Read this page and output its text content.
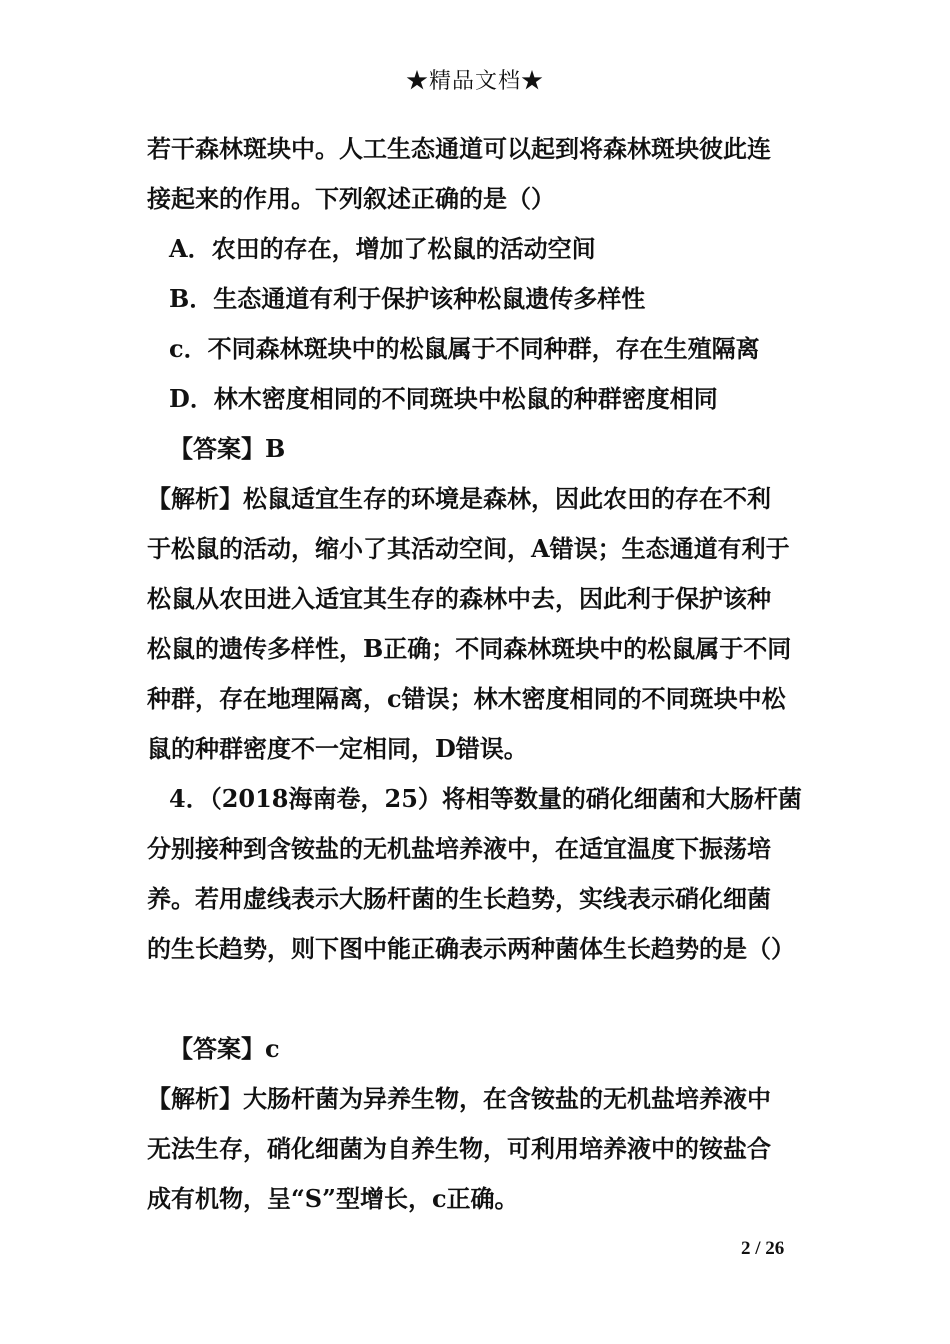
★精品文档★
若干森林斑块中。人工生态通道可以起到将森林斑块彼此连
接起来的作用。下列叙述正确的是（）
A．农田的存在，增加了松鼠的活动空间
B．生态通道有利于保护该种松鼠遗传多样性
c．不同森林斑块中的松鼠属于不同种群，存在生殖隔离
D．林木密度相同的不同斑块中松鼠的种群密度相同
【答案】B
【解析】松鼠适宜生存的环境是森林，因此农田的存在不利
于松鼠的活动，缩小了其活动空间，A错误；生态通道有利于
松鼠从农田进入适宜其生存的森林中去，因此利于保护该种
松鼠的遗传多样性，B正确；不同森林斑块中的松鼠属于不同
种群，存在地理隔离，c错误；林木密度相同的不同斑块中松
鼠的种群密度不一定相同，D错误。
4．（2018海南卷，25）将相等数量的硝化细菌和大肠杆菌
分别接种到含铵盐的无机盐培养液中，在适宜温度下振荡培
养。若用虚线表示大肠杆菌的生长趋势，实线表示硝化细菌
的生长趋势，则下图中能正确表示两种菌体生长趋势的是（）
【答案】c
【解析】大肠杆菌为异养生物，在含铵盐的无机盐培养液中
无法生存，硝化细菌为自养生物，可利用培养液中的铵盐合
成有机物，呈“S”型增长，c正确。
2 / 26
